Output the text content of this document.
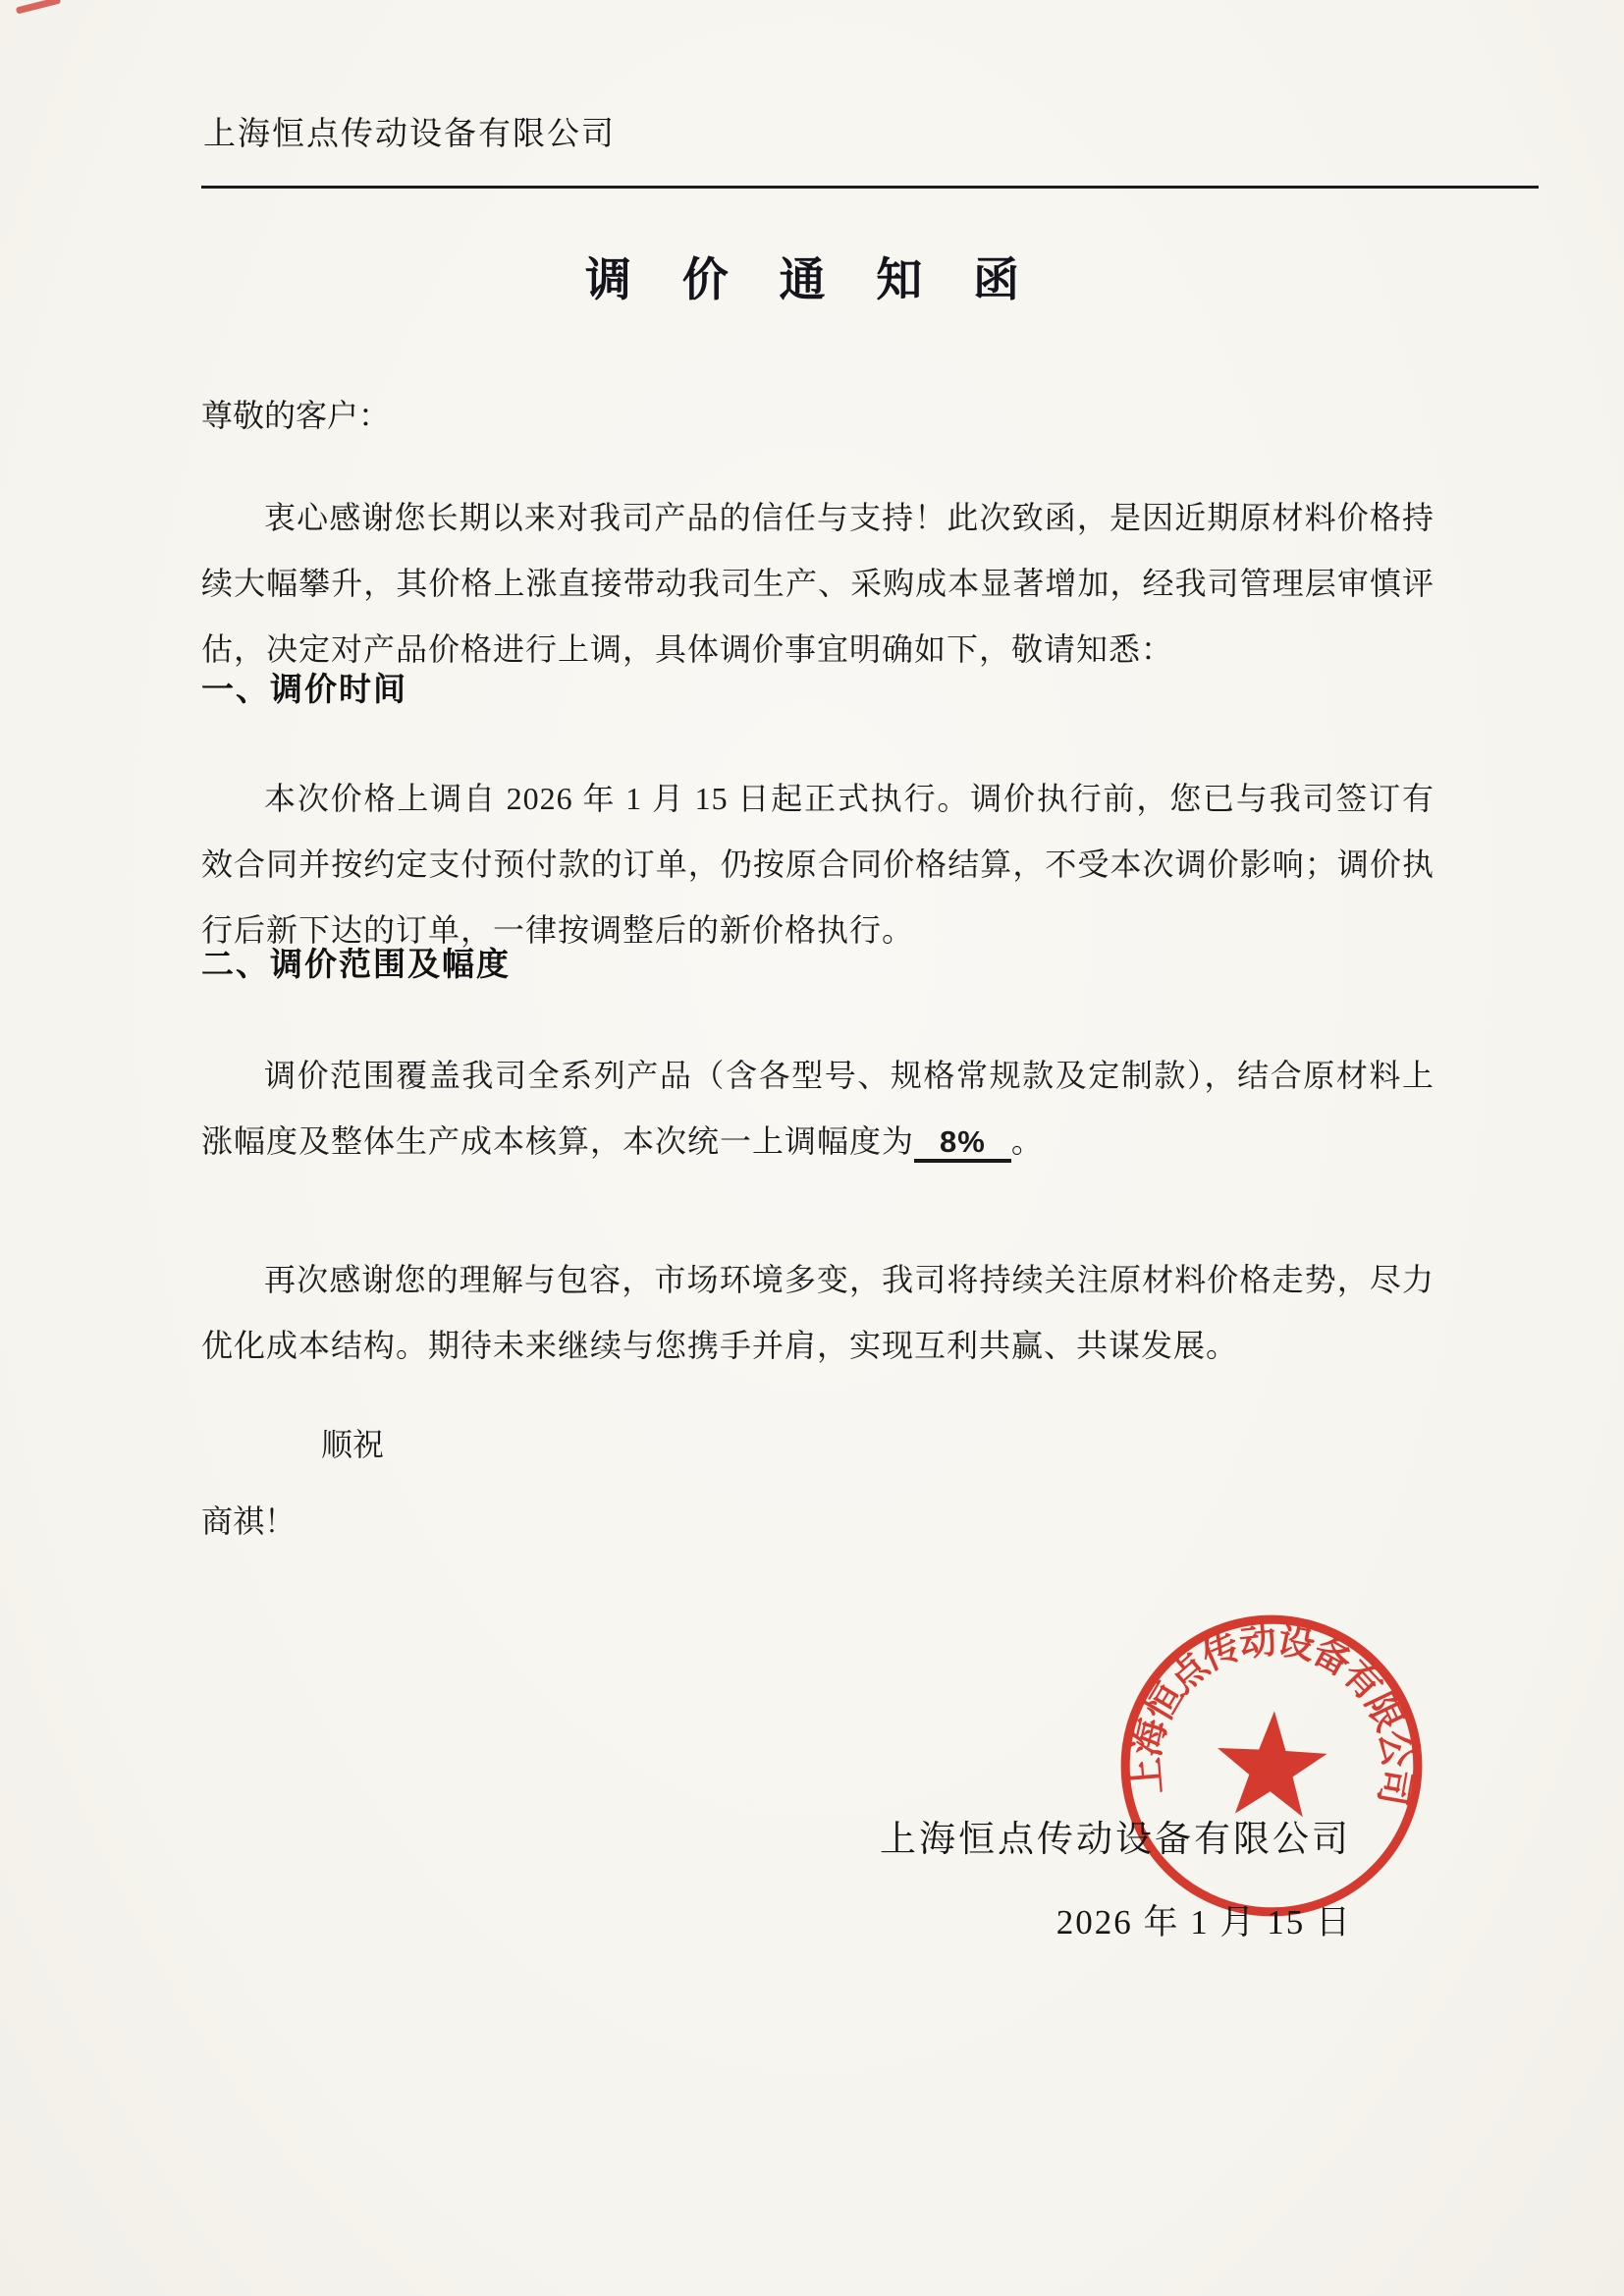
上海恒点传动设备有限公司
调 价 通 知 函
尊敬的客户：

衷心感谢您长期以来对我司产品的信任与支持！此次致函，是因近期原材料价格持续大幅攀升，其价格上涨直接带动我司生产、采购成本显著增加，经我司管理层审慎评估，决定对产品价格进行上调，具体调价事宜明确如下，敬请知悉：

一、调价时间

本次价格上调自 2026 年 1 月 15 日起正式执行。调价执行前，您已与我司签订有效合同并按约定支付预付款的订单，仍按原合同价格结算，不受本次调价影响；调价执行后新下达的订单，一律按调整后的新价格执行。

二、调价范围及幅度

调价范围覆盖我司全系列产品（含各型号、规格常规款及定制款），结合原材料上涨幅度及整体生产成本核算，本次统一上调幅度为 8% 。

再次感谢您的理解与包容，市场环境多变，我司将持续关注原材料价格走势，尽力优化成本结构。期待未来继续与您携手并肩，实现互利共赢、共谋发展。

顺祝
商祺！
上海恒点传动设备有限公司
上海恒点传动设备有限公司
2026 年 1 月 15 日
